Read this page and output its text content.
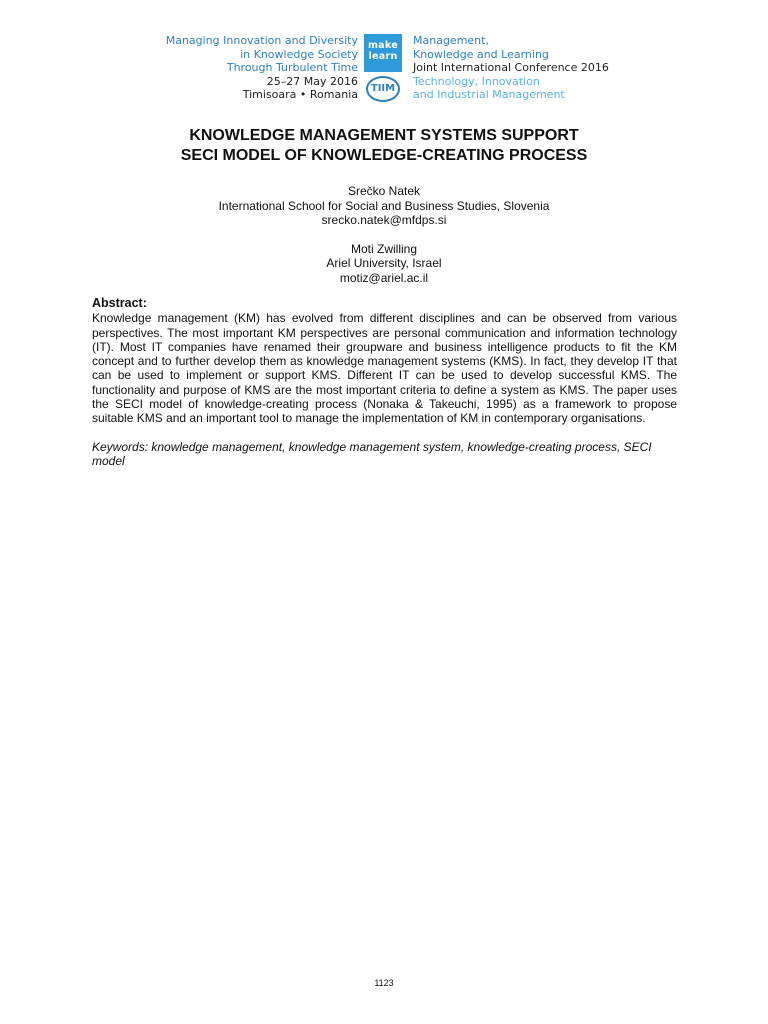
Managing Innovation and Diversity
in Knowledge Society
Through Turbulent Time
25–27 May 2016
Timisoara • Romania
make
learn
TIIM
Management,
Knowledge and Learning
Joint International Conference 2016
Technology, Innovation
and Industrial Management
KNOWLEDGE MANAGEMENT SYSTEMS SUPPORT
SECI MODEL OF KNOWLEDGE-CREATING PROCESS
Srečko Natek
International School for Social and Business Studies, Slovenia
srecko.natek@mfdps.si
Moti Zwilling
Ariel University, Israel
motiz@ariel.ac.il
Abstract:

Knowledge management (KM) has evolved from different disciplines and can be observed from various perspectives. The most important KM perspectives are personal communication and information technology (IT). Most IT companies have renamed their groupware and business intelligence products to fit the KM concept and to further develop them as knowledge management systems (KMS). In fact, they develop IT that can be used to implement or support KMS. Different IT can be used to develop successful KMS. The functionality and purpose of KMS are the most important criteria to define a system as KMS. The paper uses the SECI model of knowledge-creating process (Nonaka & Takeuchi, 1995) as a framework to propose suitable KMS and an important tool to manage the implementation of KM in contemporary organisations.

Keywords: knowledge management, knowledge management system, knowledge-creating process, SECI model
1123
